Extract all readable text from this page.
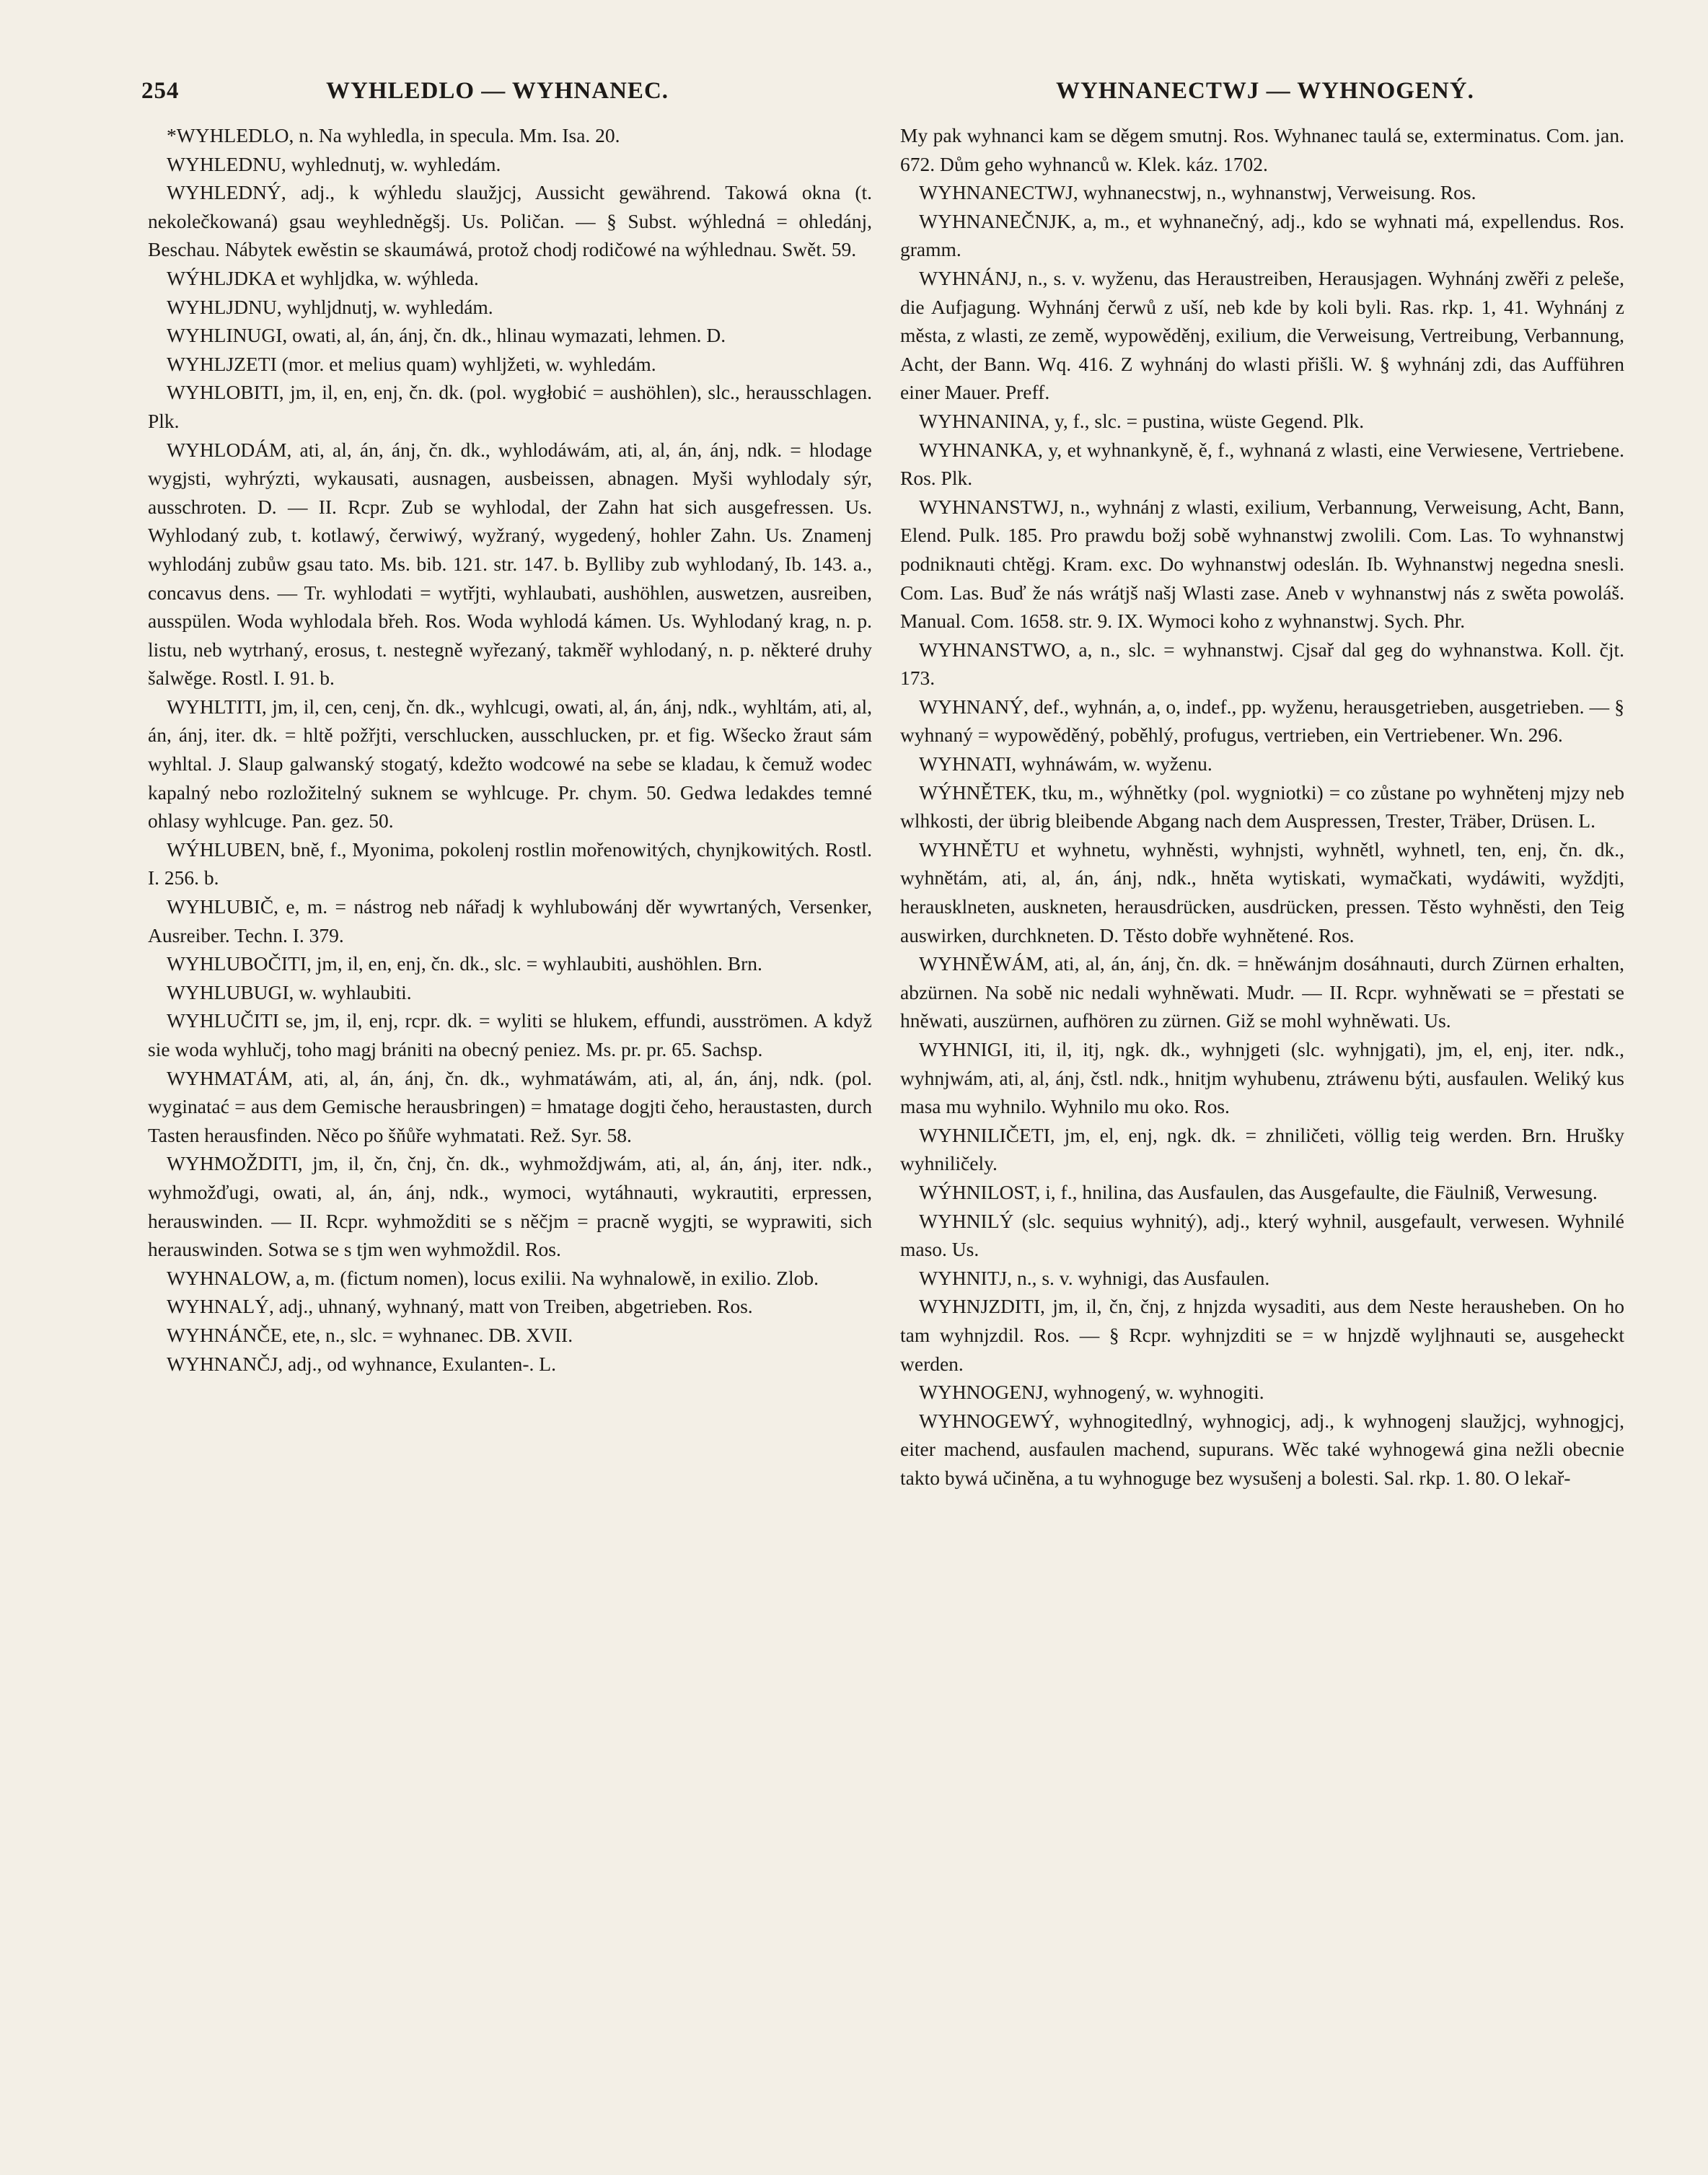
254	WYHLEDLO — WYHNANEC.	WYHNANECTWJ — WYHNOGENÝ.

*WYHLEDLO, n. Na wyhledla, in specula. Mm. Isa. 20.

WYHLEDNU, wyhlednutj, w. wyhledám.

WYHLEDNÝ, adj., k wýhledu slaužjcj, Aussicht gewährend. Takowá okna (t. nekolečkowaná) gsau weyhledněgšj. Us. Poličan. — § Subst. wýhledná = ohledánj, Beschau. Nábytek ewěstin se skaumáwá, protož chodj rodičowé na wýhlednau. Swět. 59.

WÝHLJDKA et wyhljdka, w. wýhleda.

WYHLJDNU, wyhljdnutj, w. wyhledám.

WYHLINUGI, owati, al, án, ánj, čn. dk., hlinau wymazati, lehmen. D.

WYHLJZETI (mor. et melius quam) wyhljžeti, w. wyhledám.

WYHLOBITI, jm, il, en, enj, čn. dk. (pol. wygłobić = aushöhlen), slc., herausschlagen. Plk.

WYHLODÁM, ati, al, án, ánj, čn. dk., wyhlodáwám, ati, al, án, ánj, ndk. = hlodage wygjsti, wyhrýzti, wykausati, ausnagen, ausbeissen, abnagen. Myši wyhlodaly sýr, ausschroten. D. — II. Rcpr. Zub se wyhlodal, der Zahn hat sich ausgefressen. Us. Wyhlodaný zub, t. kotlawý, čerwiwý, wyžraný, wygedený, hohler Zahn. Us. Znamenj wyhlodánj zubůw gsau tato. Ms. bib. 121. str. 147. b. Bylliby zub wyhlodaný, Ib. 143. a., concavus dens. — Tr. wyhlodati = wytřjti, wyhlaubati, aushöhlen, auswetzen, ausreiben, ausspülen. Woda wyhlodala břeh. Ros. Woda wyhlodá kámen. Us. Wyhlodaný krag, n. p. listu, neb wytrhaný, erosus, t. nestegně wyřezaný, takměř wyhlodaný, n. p. některé druhy šalwěge. Rostl. I. 91. b.

WYHLTITI, jm, il, cen, cenj, čn. dk., wyhlcugi, owati, al, án, ánj, ndk., wyhltám, ati, al, án, ánj, iter. dk. = hltě požřjti, verschlucken, ausschlucken, pr. et fig. Wšecko žraut sám wyhltal. J. Slaup galwanský stogatý, kdežto wodcowé na sebe se kladau, k čemuž wodec kapalný nebo rozložitelný suknem se wyhlcuge. Pr. chym. 50. Gedwa ledakdes temné ohlasy wyhlcuge. Pan. gez. 50.

WÝHLUBEN, bně, f., Myonima, pokolenj rostlin mořenowitých, chynjkowitých. Rostl. I. 256. b.

WYHLUBIČ, e, m. = nástrog neb nářadj k wyhlubowánj děr wywrtaných, Versenker, Ausreiber. Techn. I. 379.

WYHLUBOČITI, jm, il, en, enj, čn. dk., slc. = wyhlaubiti, aushöhlen. Brn.

WYHLUBUGI, w. wyhlaubiti.

WYHLUČITI se, jm, il, enj, rcpr. dk. = wyliti se hlukem, effundi, ausströmen. A když sie woda wyhlučj, toho magj brániti na obecný peniez. Ms. pr. pr. 65. Sachsp.

WYHMATÁM, ati, al, án, ánj, čn. dk., wyhmatáwám, ati, al, án, ánj, ndk. (pol. wyginatać = aus dem Gemische herausbringen) = hmatage dogjti čeho, heraustasten, durch Tasten herausfinden. Něco po šňůře wyhmatati. Rež. Syr. 58.

WYHMOŽDITI, jm, il, čn, čnj, čn. dk., wyhmoždjwám, ati, al, án, ánj, iter. ndk., wyhmožďugi, owati, al, án, ánj, ndk., wymoci, wytáhnauti, wykrautiti, erpressen, herauswinden. — II. Rcpr. wyhmožditi se s něčjm = pracně wygjti, se wyprawiti, sich herauswinden. Sotwa se s tjm wen wyhmoždil. Ros.

WYHNALOW, a, m. (fictum nomen), locus exilii. Na wyhnalowě, in exilio. Zlob.

WYHNALÝ, adj., uhnaný, wyhnaný, matt von Treiben, abgetrieben. Ros.

WYHNÁNČE, ete, n., slc. = wyhnanec. DB. XVII.

WYHNANČJ, adj., od wyhnance, Exulanten-. L.

My pak wyhnanci kam se děgem smutnj. Ros. Wyhnanec taulá se, exterminatus. Com. jan. 672. Dům geho wyhnanců w. Klek. káz. 1702.

WYHNANECTWJ, wyhnanecstwj, n., wyhnanstwj, Verweisung. Ros.

WYHNANEČNJK, a, m., et wyhnanečný, adj., kdo se wyhnati má, expellendus. Ros. gramm.

WYHNÁNJ, n., s. v. wyženu, das Heraustreiben, Herausjagen. Wyhnánj zwěři z peleše, die Aufjagung. Wyhnánj čerwů z uší, neb kde by koli byli. Ras. rkp. 1, 41. Wyhnánj z města, z wlasti, ze země, wypowěděnj, exilium, die Verweisung, Vertreibung, Verbannung, Acht, der Bann. Wq. 416. Z wyhnánj do wlasti přišli. W. § wyhnánj zdi, das Aufführen einer Mauer. Preff.

WYHNANINA, y, f., slc. = pustina, wüste Gegend. Plk.

WYHNANKA, y, et wyhnankyně, ě, f., wyhnaná z wlasti, eine Verwiesene, Vertriebene. Ros. Plk.

WYHNANSTWJ, n., wyhnánj z wlasti, exilium, Verbannung, Verweisung, Acht, Bann, Elend. Pulk. 185. Pro prawdu božj sobě wyhnanstwj zwolili. Com. Las. To wyhnanstwj podniknauti chtěgj. Kram. exc. Do wyhnanstwj odeslán. Ib. Wyhnanstwj negedna snesli. Com. Las. Buď že nás wrátjš našj Wlasti zase. Aneb v wyhnanstwj nás z swěta powoláš. Manual. Com. 1658. str. 9. IX. Wymoci koho z wyhnanstwj. Sych. Phr.

WYHNANSTWO, a, n., slc. = wyhnanstwj. Cjsař dal geg do wyhnanstwa. Koll. čjt. 173.

WYHNANÝ, def., wyhnán, a, o, indef., pp. wyženu, herausgetrieben, ausgetrieben. — § wyhnaný = wypowěděný, poběhlý, profugus, vertrieben, ein Vertriebener. Wn. 296.

WYHNATI, wyhnáwám, w. wyženu.

WÝHNĚTEK, tku, m., wýhnětky (pol. wygniotki) = co zůstane po wyhnětenj mjzy neb wlhkosti, der übrig bleibende Abgang nach dem Auspressen, Trester, Träber, Drüsen. L.

WYHNĚTU et wyhnetu, wyhněsti, wyhnjsti, wyhnětl, wyhnetl, ten, enj, čn. dk., wyhnětám, ati, al, án, ánj, ndk., hněta wytiskati, wymačkati, wydáwiti, wyždjti, herausklneten, auskneten, herausdrücken, ausdrücken, pressen. Těsto wyhněsti, den Teig auswirken, durchkneten. D. Těsto dobře wyhnětené. Ros.

WYHNĚWÁM, ati, al, án, ánj, čn. dk. = hněwánjm dosáhnauti, durch Zürnen erhalten, abzürnen. Na sobě nic nedali wyhněwati. Mudr. — II. Rcpr. wyhněwati se = přestati se hněwati, auszürnen, aufhören zu zürnen. Giž se mohl wyhněwati. Us.

WYHNIGI, iti, il, itj, ngk. dk., wyhnjgeti (slc. wyhnjgati), jm, el, enj, iter. ndk., wyhnjwám, ati, al, ánj, čstl. ndk., hnitjm wyhubenu, ztráwenu býti, ausfaulen. Weliký kus masa mu wyhnilo. Wyhnilo mu oko. Ros.

WYHNILIČETI, jm, el, enj, ngk. dk. = zhniličeti, völlig teig werden. Brn. Hrušky wyhniličely.

WÝHNILOST, i, f., hnilina, das Ausfaulen, das Ausgefaulte, die Fäulniß, Verwesung.

WYHNILÝ (slc. sequius wyhnitý), adj., který wyhnil, ausgefault, verwesen. Wyhnilé maso. Us.

WYHNITJ, n., s. v. wyhnigi, das Ausfaulen.

WYHNJZDITI, jm, il, čn, čnj, z hnjzda wysaditi, aus dem Neste herausheben. On ho tam wyhnjzdil. Ros. — § Rcpr. wyhnjzditi se = w hnjzdě wyljhnauti se, ausgeheckt werden.

WYHNOGENJ, wyhnogený, w. wyhnogiti.

WYHNOGEWÝ, wyhnogitedlný, wyhnogicj, adj., k wyhnogenj slaužjcj, wyhnogjcj, eiter machend, ausfaulen machend, supurans. Wěc také wyhnogewá gina nežli obecnie takto bywá učiněna, a tu wyhnoguge bez wysušenj a bolesti. Sal. rkp. 1. 80. O lekař-
